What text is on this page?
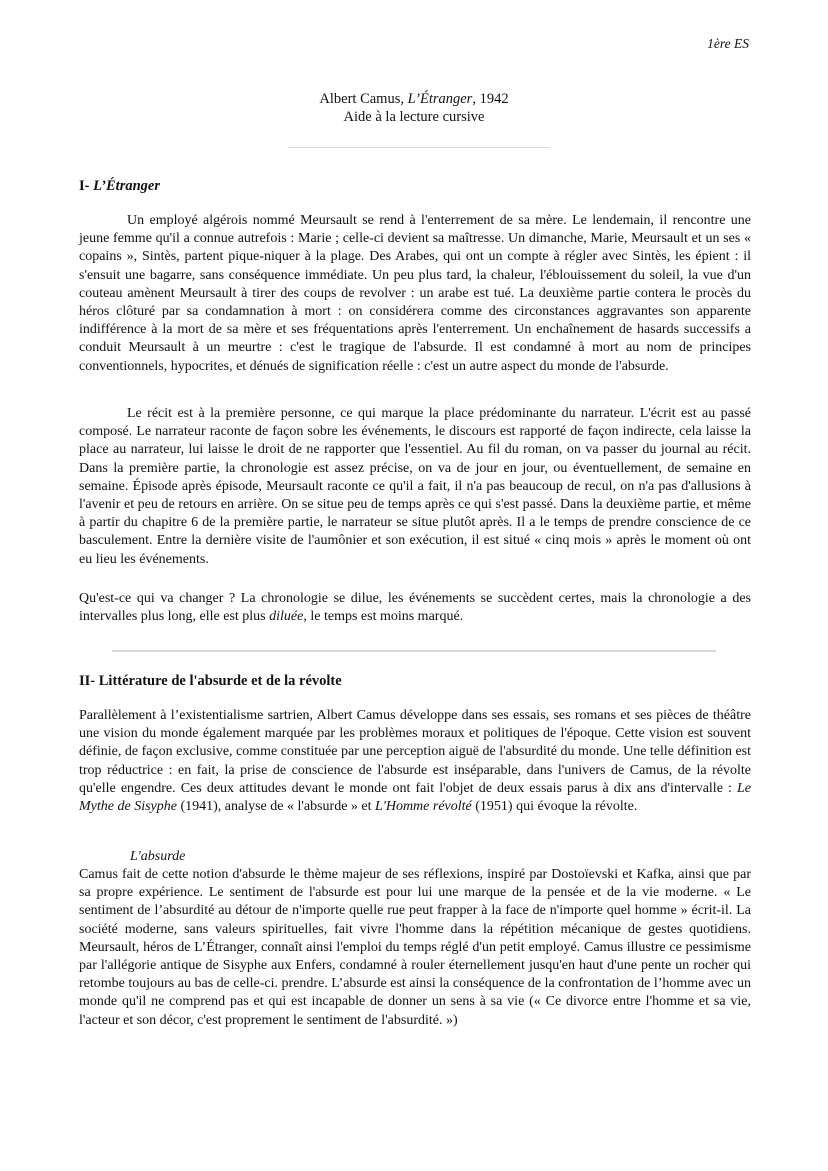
1ère ES
Albert Camus, L’Étranger, 1942
Aide à la lecture cursive
I- L’Étranger
Un employé algérois nommé Meursault se rend à l'enterrement de sa mère. Le lendemain, il rencontre une jeune femme qu'il a connue autrefois : Marie ; celle-ci devient sa maîtresse. Un dimanche, Marie, Meursault et un ses « copains », Sintès, partent pique-niquer à la plage. Des Arabes, qui ont un compte à régler avec Sintès, les épient : il s'ensuit une bagarre, sans conséquence immédiate. Un peu plus tard, la chaleur, l'éblouissement du soleil, la vue d'un couteau amènent Meursault à tirer des coups de revolver : un arabe est tué. La deuxième partie contera le procès du héros clôturé par sa condamnation à mort : on considérera comme des circonstances aggravantes son apparente indifférence à la mort de sa mère et ses fréquentations après l'enterrement. Un enchaînement de hasards successifs a conduit Meursault à un meurtre : c'est le tragique de l'absurde. Il est condamné à mort au nom de principes conventionnels, hypocrites, et dénués de signification réelle : c'est un autre aspect du monde de l'absurde.
Le récit est à la première personne, ce qui marque la place prédominante du narrateur. L'écrit est au passé composé. Le narrateur raconte de façon sobre les événements, le discours est rapporté de façon indirecte, cela laisse la place au narrateur, lui laisse le droit de ne rapporter que l'essentiel. Au fil du roman, on va passer du journal au récit. Dans la première partie, la chronologie est assez précise, on va de jour en jour, ou éventuellement, de semaine en semaine. Épisode après épisode, Meursault raconte ce qu'il a fait, il n'a pas beaucoup de recul, on n'a pas d'allusions à l'avenir et peu de retours en arrière. On se situe peu de temps après ce qui s'est passé. Dans la deuxième partie, et même à partir du chapitre 6 de la première partie, le narrateur se situe plutôt après. Il a le temps de prendre conscience de ce basculement. Entre la dernière visite de l'aumônier et son exécution, il est situé « cinq mois » après le moment où ont eu lieu les événements.
Qu'est-ce qui va changer ? La chronologie se dilue, les événements se succèdent certes, mais la chronologie a des intervalles plus long, elle est plus diluée, le temps est moins marqué.
II- Littérature de l'absurde et de la révolte
Parallèlement à l’existentialisme sartrien, Albert Camus développe dans ses essais, ses romans et ses pièces de théâtre une vision du monde également marquée par les problèmes moraux et politiques de l'époque. Cette vision est souvent définie, de façon exclusive, comme constituée par une perception aiguë de l'absurdité du monde. Une telle définition est trop réductrice : en fait, la prise de conscience de l'absurde est inséparable, dans l'univers de Camus, de la révolte qu'elle engendre. Ces deux attitudes devant le monde ont fait l'objet de deux essais parus à dix ans d'intervalle : Le Mythe de Sisyphe (1941), analyse de « l'absurde » et L'Homme révolté (1951) qui évoque la révolte.
L'absurde
Camus fait de cette notion d'absurde le thème majeur de ses réflexions, inspiré par Dostoïevski et Kafka, ainsi que par sa propre expérience. Le sentiment de l'absurde est pour lui une marque de la pensée et de la vie moderne. « Le sentiment de l’absurdité au détour de n'importe quelle rue peut frapper à la face de n'importe quel homme » écrit-il. La société moderne, sans valeurs spirituelles, fait vivre l'homme dans la répétition mécanique de gestes quotidiens. Meursault, héros de L’Étranger, connaît ainsi l'emploi du temps réglé d'un petit employé. Camus illustre ce pessimisme par l'allégorie antique de Sisyphe aux Enfers, condamné à rouler éternellement jusqu'en haut d'une pente un rocher qui retombe toujours au bas de celle-ci. prendre. L’absurde est ainsi la conséquence de la confrontation de l’homme avec un monde qu'il ne comprend pas et qui est incapable de donner un sens à sa vie (« Ce divorce entre l'homme et sa vie, l'acteur et son décor, c'est proprement le sentiment de l'absurdité. »)
